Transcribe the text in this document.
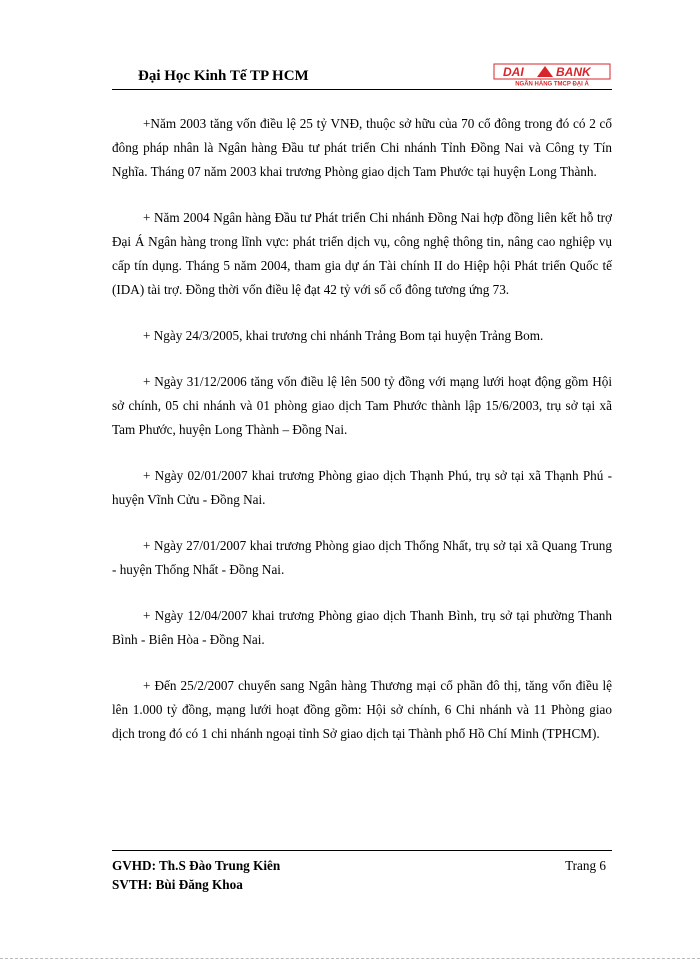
Đại Học Kinh Tế TP HCM	DAI	BANK
NGÂN HÀNG TMCP ĐẠI Á

+Năm 2003 tăng vốn điều lệ 25 tỷ VNĐ, thuộc sở hữu của 70 cổ đông trong đó có 2 cổ đông pháp nhân là Ngân hàng Đầu tư phát triển Chi nhánh Tỉnh Đồng Nai và Công ty Tín Nghĩa. Tháng 07 năm 2003 khai trương Phòng giao dịch Tam Phước tại huyện Long Thành.

+ Năm 2004 Ngân hàng Đầu tư Phát triển Chi nhánh Đồng Nai hợp đồng liên kết hỗ trợ Đại Á Ngân hàng trong lĩnh vực: phát triển dịch vụ, công nghệ thông tin, nâng cao nghiệp vụ cấp tín dụng. Tháng 5 năm 2004, tham gia dự án Tài chính II do Hiệp hội Phát triển Quốc tế (IDA) tài trợ. Đồng thời vốn điều lệ đạt 42 tỷ với số cổ đông tương ứng 73.

+ Ngày 24/3/2005, khai trương chi nhánh Trảng Bom tại huyện Trảng Bom.

+ Ngày 31/12/2006 tăng vốn điều lệ lên 500 tỷ đồng với mạng lưới hoạt động gồm Hội sở chính, 05 chi nhánh và 01 phòng giao dịch Tam Phước thành lập 15/6/2003, trụ sở tại xã Tam Phước, huyện Long Thành – Đồng Nai.

+ Ngày 02/01/2007 khai trương Phòng giao dịch Thạnh Phú, trụ sở tại xã Thạnh Phú - huyện Vĩnh Cửu - Đồng Nai.

+ Ngày 27/01/2007 khai trương Phòng giao dịch Thống Nhất, trụ sở tại xã Quang Trung - huyện Thống Nhất - Đồng Nai.

+ Ngày 12/04/2007 khai trương Phòng giao dịch Thanh Bình, trụ sở tại phường Thanh Bình - Biên Hòa - Đồng Nai.

+ Đến 25/2/2007 chuyển sang Ngân hàng Thương mại cổ phần đô thị, tăng vốn điều lệ lên 1.000 tỷ đồng, mạng lưới hoạt đồng gồm: Hội sở chính, 6 Chi nhánh và 11 Phòng giao dịch trong đó có 1 chi nhánh ngoại tỉnh Sở giao dịch tại Thành phố Hồ Chí Minh (TPHCM).

GVHD: Th.S Đào Trung Kiên
SVTH: Bùi Đăng Khoa
Trang 6
